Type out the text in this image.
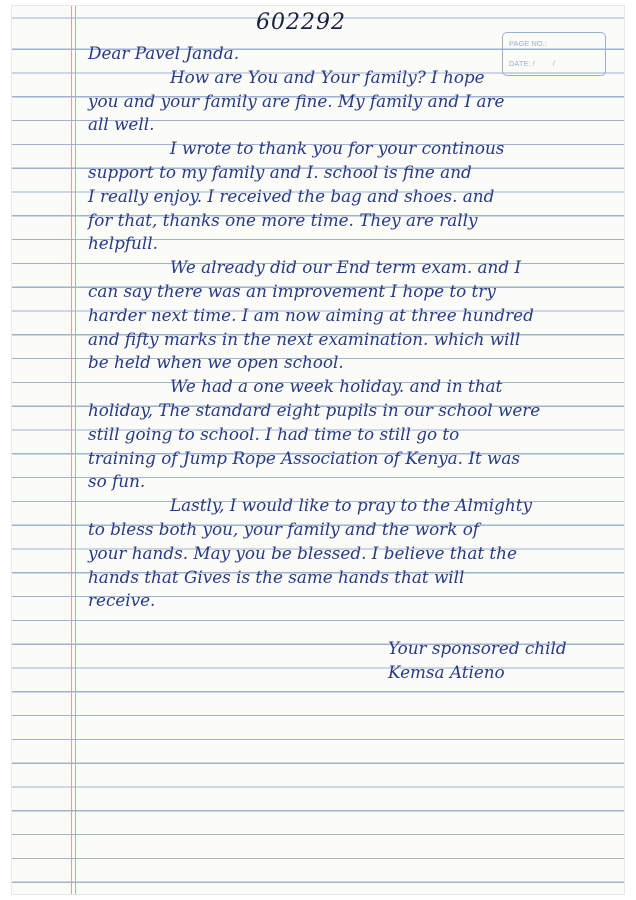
602292
PAGE NO.:
DATE: / /

Dear Pavel Janda.

How are You and Your family? I hope
you and your family are fine. My family and I are
all well.

I wrote to thank you for your continous
support to my family and I. school is fine and
I really enjoy. I received the bag and shoes. and
for that, thanks one more time. They are rally
helpfull.

We already did our End term exam. and I
can say there was an improvement I hope to try
harder next time. I am now aiming at three hundred
and fifty marks in the next examination. which will
be held when we open school.

We had a one week holiday. and in that
holiday, The standard eight pupils in our school were
still going to school. I had time to still go to
training of Jump Rope Association of Kenya. It was
so fun.

Lastly, I would like to pray to the Almighty
to bless both you, your family and the work of
your hands. May you be blessed. I believe that the
hands that Gives is the same hands that will
receive.

Your sponsored child

Kemsa Atieno
